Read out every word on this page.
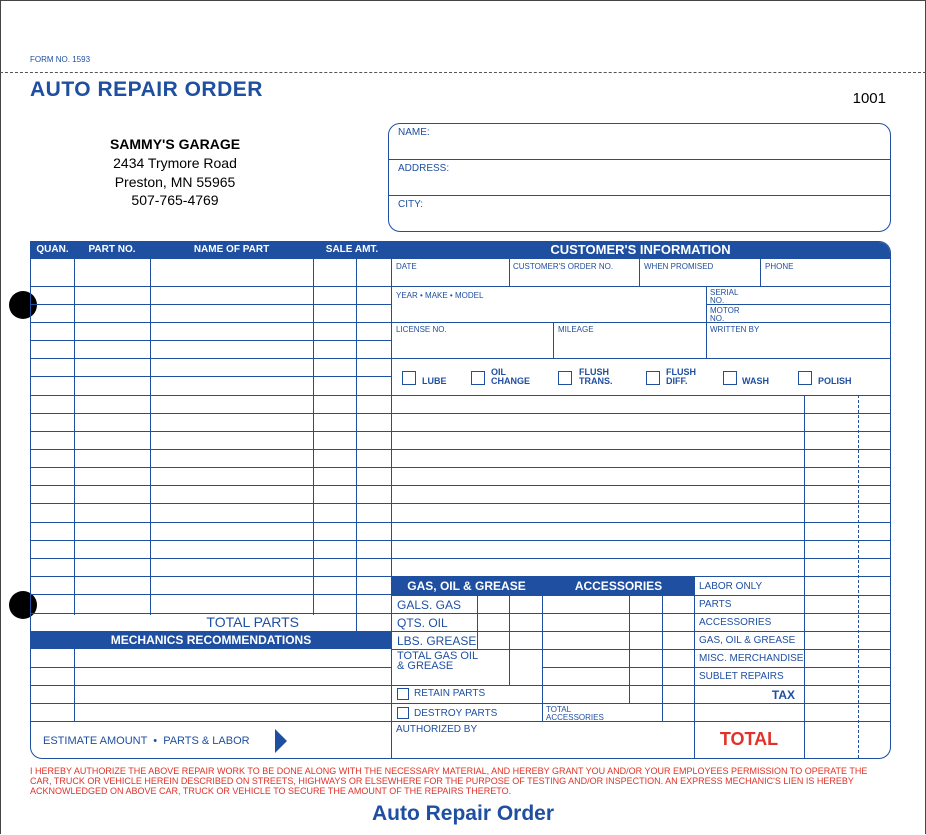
FORM NO. 1593
AUTO REPAIR ORDER	1001
SAMMY'S GARAGE
2434 Trymore Road
Preston, MN 55965
507-765-4769
NAME:
ADDRESS:
CITY:
QUAN.	PART NO.	NAME OF PART	SALE AMT.	CUSTOMER'S INFORMATION
TOTAL PARTS
MECHANICS RECOMMENDATIONS
ESTIMATE AMOUNT  •  PARTS & LABOR
DATE	CUSTOMER'S ORDER NO.	WHEN PROMISED	PHONE
YEAR • MAKE • MODEL	SERIAL NO.
MOTOR NO.
LICENSE NO.	MILEAGE	WRITTEN BY
LUBE
OIL CHANGE
FLUSH TRANS.
FLUSH DIFF.	WASH	POLISH
GAS, OIL & GREASE	ACCESSORIES
GALS. GAS
QTS. OIL
LBS. GREASE
TOTAL GAS OIL & GREASE
RETAIN PARTS
DESTROY PARTS	TOTAL ACCESSORIES
AUTHORIZED BY
LABOR ONLY
PARTS
ACCESSORIES
GAS, OIL & GREASE
MISC. MERCHANDISE
SUBLET REPAIRS
TAX
TOTAL
I HEREBY AUTHORIZE THE ABOVE REPAIR WORK TO BE DONE ALONG WITH THE NECESSARY MATERIAL, AND HEREBY GRANT YOU AND/OR YOUR EMPLOYEES PERMISSION TO OPERATE THE CAR, TRUCK OR VEHICLE HEREIN DESCRIBED ON STREETS, HIGHWAYS OR ELSEWHERE FOR THE PURPOSE OF TESTING AND/OR INSPECTION. AN EXPRESS MECHANIC'S LIEN IS HEREBY ACKNOWLEDGED ON ABOVE CAR, TRUCK OR VEHICLE TO SECURE THE AMOUNT OF THE REPAIRS THERETO.
Auto Repair Order
